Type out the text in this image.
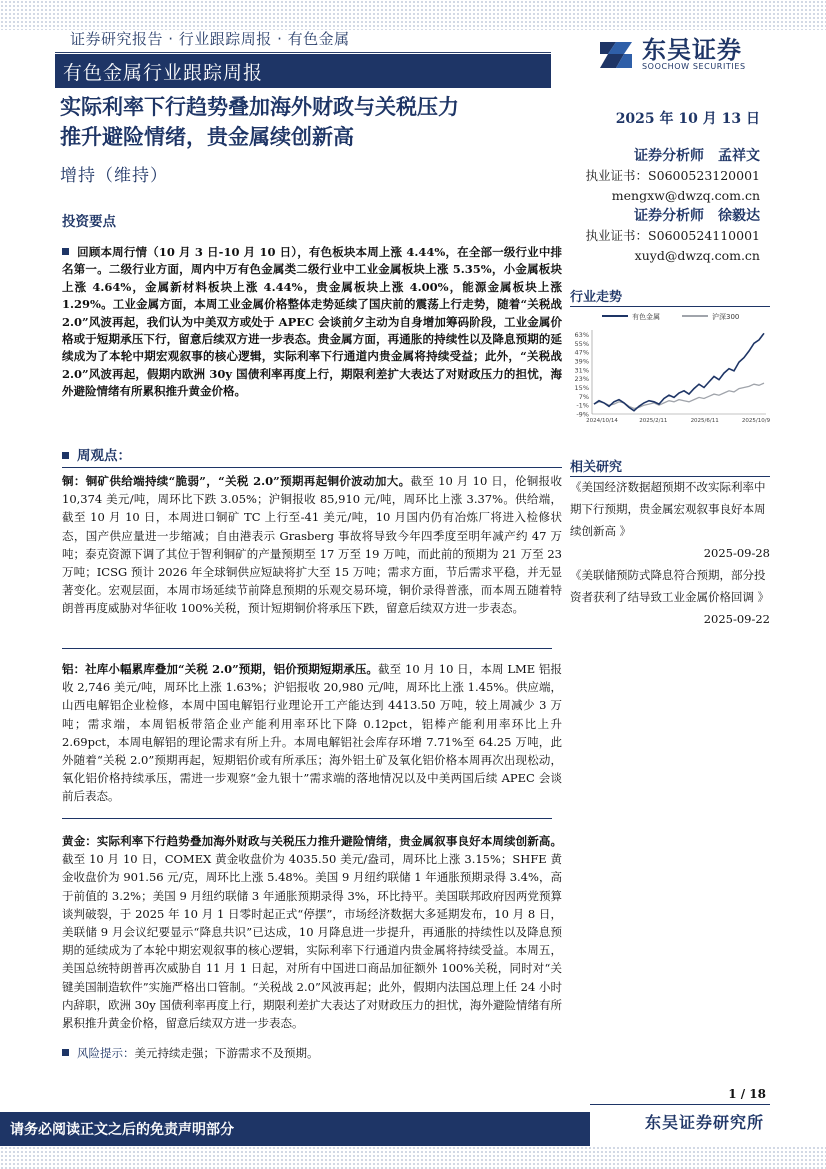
证券研究报告 · 行业跟踪周报 · 有色金属
有色金属行业跟踪周报
东吴证券
SOOCHOW SECURITIES
实际利率下行趋势叠加海外财政与关税压力
推升避险情绪，贵金属续创新高
增持（维持）
2025 年 10 月 13 日
证券分析师 孟祥文
执业证书：S0600523120001
mengxw@dwzq.com.cn
证券分析师 徐毅达
执业证书：S0600524110001
xuyd@dwzq.com.cn
投资要点
回顾本周行情（10 月 3 日-10 月 10 日），有色板块本周上涨 4.44%，在全部一级行业中排名第一。二级行业方面，周内中万有色金属类二级行业中工业金属板块上涨 5.35%，小金属板块上涨 4.64%，金属新材料板块上涨 4.44%，贵金属板块上涨 4.00%，能源金属板块上涨 1.29%。工业金属方面，本周工业金属价格整体走势延续了国庆前的震荡上行走势，随着“关税战 2.0”风波再起，我们认为中美双方或处于 APEC 会谈前夕主动为自身增加筹码阶段，工业金属价格或于短期承压下行，留意后续双方进一步表态。贵金属方面，再通胀的持续性以及降息预期的延续成为了本轮中期宏观叙事的核心逻辑，实际利率下行通道内贵金属将持续受益；此外，“关税战 2.0”风波再起，假期内欧洲 30y 国债利率再度上行，期限利差扩大表达了对财政压力的担忧，海外避险情绪有所累积推升黄金价格。
周观点：
铜：铜矿供给端持续“脆弱”，“关税 2.0”预期再起铜价波动加大。截至 10 月 10 日，伦铜报收 10,374 美元/吨，周环比下跌 3.05%；沪铜报收 85,910 元/吨，周环比上涨 3.37%。供给端，截至 10 月 10 日，本周进口铜矿 TC 上行至-41 美元/吨，10 月国内仍有冶炼厂将进入检修状态，国产供应量进一步缩减；自由港表示 Grasberg 事故将导致今年四季度至明年减产约 47 万吨；泰克资源下调了其位于智利铜矿的产量预期至 17 万至 19 万吨，而此前的预期为 21 万至 23 万吨；ICSG 预计 2026 年全球铜供应短缺将扩大至 15 万吨；需求方面，节后需求平稳，并无显著变化。宏观层面，本周市场延续节前降息预期的乐观交易环境，铜价录得普涨，而本周五随着特朗普再度威胁对华征收 100%关税，预计短期铜价将承压下跌，留意后续双方进一步表态。
铝：社库小幅累库叠加“关税 2.0”预期，铝价预期短期承压。截至 10 月 10 日，本周 LME 铝报收 2,746 美元/吨，周环比上涨 1.63%；沪铝报收 20,980 元/吨，周环比上涨 1.45%。供应端，山西电解铝企业检修，本周中国电解铝行业理论开工产能达到 4413.50 万吨，较上周减少 3 万吨；需求端，本周铝板带箔企业产能利用率环比下降 0.12pct，铝棒产能利用率环比上升 2.69pct，本周电解铝的理论需求有所上升。本周电解铝社会库存环增 7.71%至 64.25 万吨，此外随着“关税 2.0”预期再起，短期铝价或有所承压；海外铝土矿及氧化铝价格本周再次出现松动，氧化铝价格持续承压，需进一步观察“金九银十”需求端的落地情况以及中美两国后续 APEC 会谈前后表态。
黄金：实际利率下行趋势叠加海外财政与关税压力推升避险情绪，贵金属叙事良好本周续创新高。截至 10 月 10 日，COMEX 黄金收盘价为 4035.50 美元/盎司，周环比上涨 3.15%；SHFE 黄金收盘价为 901.56 元/克，周环比上涨 5.48%。美国 9 月纽约联储 1 年通胀预期录得 3.4%，高于前值的 3.2%；美国 9 月纽约联储 3 年通胀预期录得 3%，环比持平。美国联邦政府因两党预算谈判破裂，于 2025 年 10 月 1 日零时起正式“停摆”，市场经济数据大多延期发布，10 月 8 日，美联储 9 月会议纪要显示“降息共识”已达成，10 月降息进一步提升，再通胀的持续性以及降息预期的延续成为了本轮中期宏观叙事的核心逻辑，实际利率下行通道内贵金属将持续受益。本周五，美国总统特朗普再次威胁自 11 月 1 日起，对所有中国进口商品加征额外 100%关税，同时对“关键美国制造软件”实施严格出口管制。“关税战 2.0”风波再起；此外，假期内法国总理上任 24 小时内辞职，欧洲 30y 国债利率再度上行，期限利差扩大表达了对财政压力的担忧，海外避险情绪有所累积推升黄金价格，留意后续双方进一步表态。
风险提示：美元持续走强；下游需求不及预期。
行业走势
有色金属	沪深300
-9%
-1%
7%
15%
23%
31%
39%
47%
55%
63%
2024/10/14	2025/2/11	2025/6/11	2025/10/9
相关研究
《美国经济数据超预期不改实际利率中期下行预期，贵金属宏观叙事良好本周续创新高 》
2025-09-28
《美联储预防式降息符合预期，部分投资者获利了结导致工业金属价格回调 》
2025-09-22
1 / 18
请务必阅读正文之后的免责声明部分	东吴证券研究所
